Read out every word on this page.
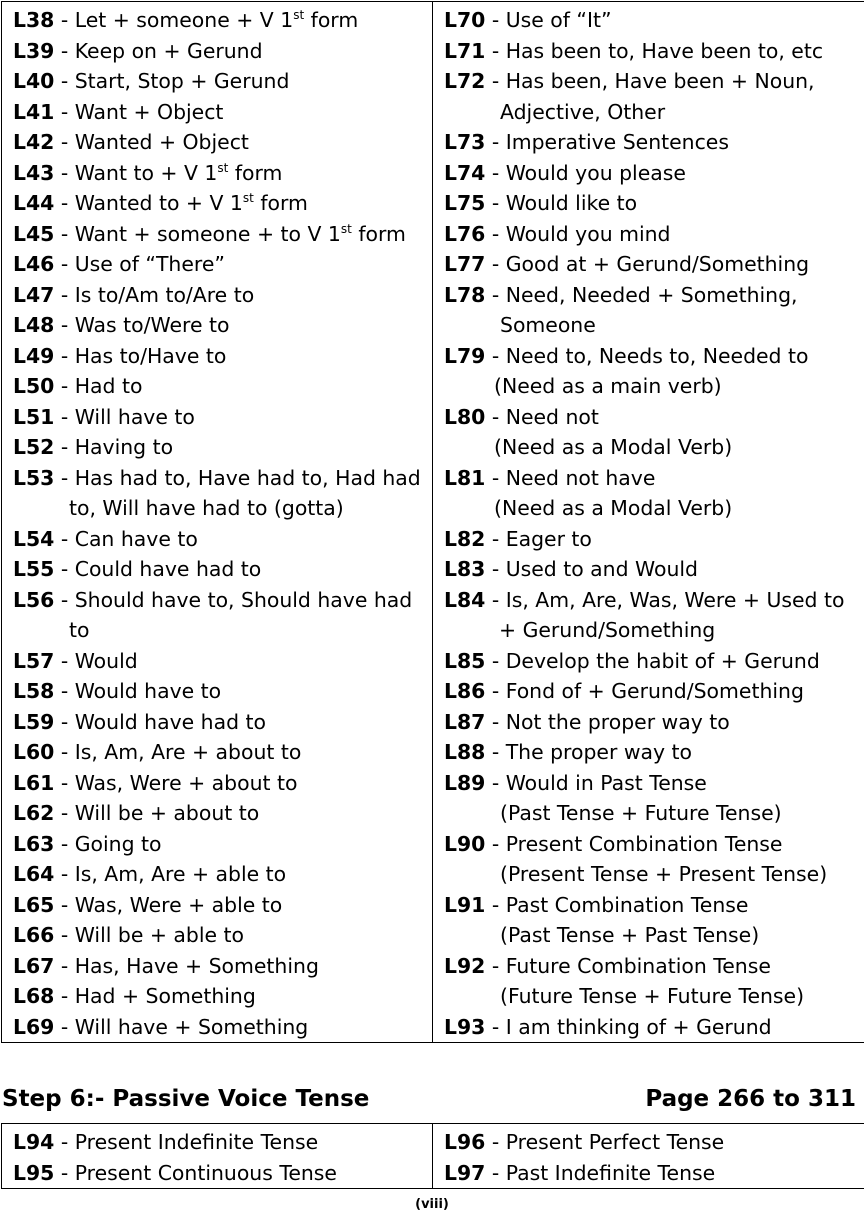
L38 - Let + someone + V 1st form
L39 - Keep on + Gerund
L40 - Start, Stop + Gerund
L41 - Want + Object
L42 - Wanted + Object
L43 - Want to + V 1st form
L44 - Wanted to + V 1st form
L45 - Want + someone + to V 1st form
L46 - Use of “There”
L47 - Is to/Am to/Are to
L48 - Was to/Were to
L49 - Has to/Have to
L50 - Had to
L51 - Will have to
L52 - Having to
L53 - Has had to, Have had to, Had had
to, Will have had to (gotta)
L54 - Can have to
L55 - Could have had to
L56 - Should have to, Should have had
to
L57 - Would
L58 - Would have to
L59 - Would have had to
L60 - Is, Am, Are + about to
L61 - Was, Were + about to
L62 - Will be + about to
L63 - Going to
L64 - Is, Am, Are + able to
L65 - Was, Were + able to
L66 - Will be + able to
L67 - Has, Have + Something
L68 - Had + Something
L69 - Will have + Something

L70 - Use of “It”
L71 - Has been to, Have been to, etc
L72 - Has been, Have been + Noun,
Adjective, Other
L73 - Imperative Sentences
L74 - Would you please
L75 - Would like to
L76 - Would you mind
L77 - Good at + Gerund/Something
L78 - Need, Needed + Something,
Someone
L79 - Need to, Needs to, Needed to
(Need as a main verb)
L80 - Need not
(Need as a Modal Verb)
L81 - Need not have
(Need as a Modal Verb)
L82 - Eager to
L83 - Used to and Would
L84 - Is, Am, Are, Was, Were + Used to
+ Gerund/Something
L85 - Develop the habit of + Gerund
L86 - Fond of + Gerund/Something
L87 - Not the proper way to
L88 - The proper way to
L89 - Would in Past Tense
(Past Tense + Future Tense)
L90 - Present Combination Tense
(Present Tense + Present Tense)
L91 - Past Combination Tense
(Past Tense + Past Tense)
L92 - Future Combination Tense
(Future Tense + Future Tense)
L93 - I am thinking of + Gerund
Step 6:- Passive Voice Tense	Page 266 to 311
L94 - Present Indefinite Tense
L95 - Present Continuous Tense

L96 - Present Perfect Tense
L97 - Past Indefinite Tense
(viii)
